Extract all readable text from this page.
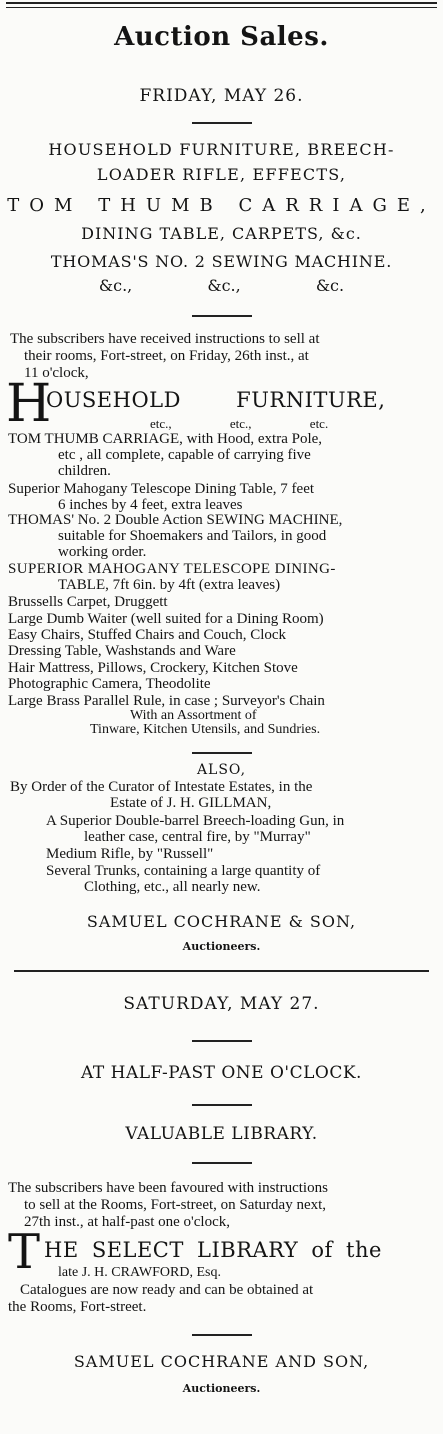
Auction Sales.
FRIDAY, MAY 26.
HOUSEHOLD FURNITURE, BREECH-
LOADER RIFLE, EFFECTS,
TOM THUMB CARRIAGE,
DINING TABLE, CARPETS, &c.
THOMAS'S NO. 2 SEWING MACHINE.
&c., &c., &c.
The subscribers have received instructions to sell at
their rooms, Fort-street, on Friday, 26th inst., at
11 o'clock,
H
OUSEHOLD FURNITURE,
etc., etc., etc.
TOM THUMB CARRIAGE, with Hood, extra Pole,
etc , all complete, capable of carrying five
children.
Superior Mahogany Telescope Dining Table, 7 feet
6 inches by 4 feet, extra leaves
THOMAS' No. 2 Double Action SEWING MACHINE,
suitable for Shoemakers and Tailors, in good
working order.
SUPERIOR MAHOGANY TELESCOPE DINING-
TABLE, 7ft 6in. by 4ft (extra leaves)
Brussells Carpet, Druggett
Large Dumb Waiter (well suited for a Dining Room)
Easy Chairs, Stuffed Chairs and Couch, Clock
Dressing Table, Washstands and Ware
Hair Mattress, Pillows, Crockery, Kitchen Stove
Photographic Camera, Theodolite
Large Brass Parallel Rule, in case ; Surveyor's Chain
With an Assortment of
Tinware, Kitchen Utensils, and Sundries.
ALSO,
By Order of the Curator of Intestate Estates, in the
Estate of J. H. GILLMAN,
A Superior Double-barrel Breech-loading Gun, in
leather case, central fire, by "Murray"
Medium Rifle, by "Russell"
Several Trunks, containing a large quantity of
Clothing, etc., all nearly new.
SAMUEL COCHRANE & SON,
Auctioneers.
SATURDAY, MAY 27.
AT HALF-PAST ONE O'CLOCK.
VALUABLE LIBRARY.
The subscribers have been favoured with instructions
to sell at the Rooms, Fort-street, on Saturday next,
27th inst., at half-past one o'clock,
T HE SELECT LIBRARY of the
late J. H. CRAWFORD, Esq.
Catalogues are now ready and can be obtained at
the Rooms, Fort-street.
SAMUEL COCHRANE AND SON,
Auctioneers.
